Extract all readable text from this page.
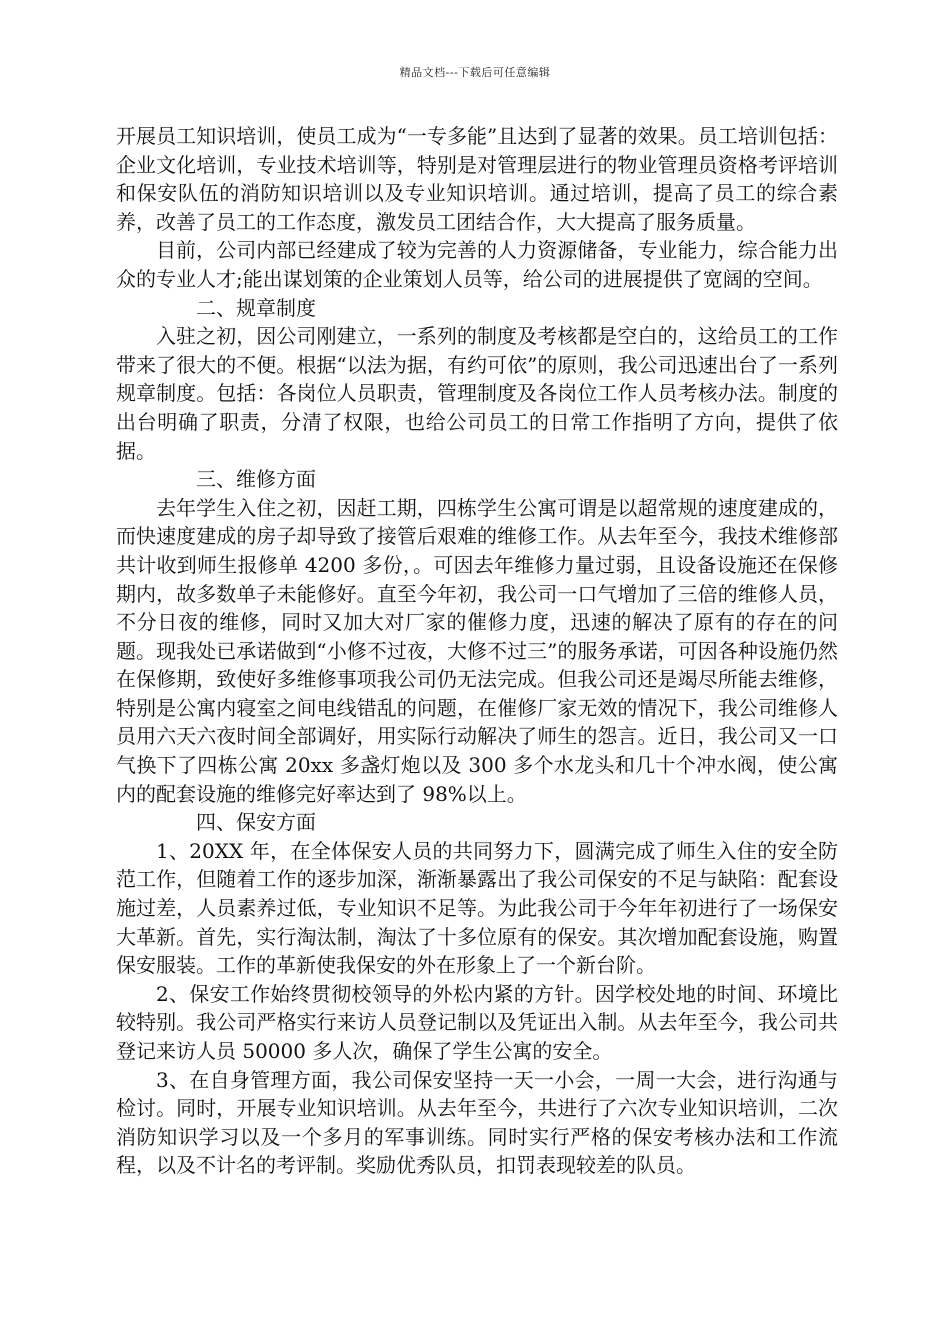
精品文档---下载后可任意编辑

开展员工知识培训，使员工成为“一专多能”且达到了显著的效果。员工培训包括：企业文化培训，专业技术培训等，特别是对管理层进行的物业管理员资格考评培训和保安队伍的消防知识培训以及专业知识培训。通过培训，提高了员工的综合素养，改善了员工的工作态度，激发员工团结合作，大大提高了服务质量。

目前，公司内部已经建成了较为完善的人力资源储备，专业能力，综合能力出众的专业人才;能出谋划策的企业策划人员等，给公司的进展提供了宽阔的空间。

二、规章制度

入驻之初，因公司刚建立，一系列的制度及考核都是空白的，这给员工的工作带来了很大的不便。根据“以法为据，有约可依”的原则，我公司迅速出台了一系列规章制度。包括：各岗位人员职责，管理制度及各岗位工作人员考核办法。制度的出台明确了职责，分清了权限，也给公司员工的日常工作指明了方向，提供了依据。

三、维修方面

去年学生入住之初，因赶工期，四栋学生公寓可谓是以超常规的速度建成的，而快速度建成的房子却导致了接管后艰难的维修工作。从去年至今，我技术维修部共计收到师生报修单 4200 多份，。可因去年维修力量过弱，且设备设施还在保修期内，故多数单子未能修好。直至今年初，我公司一口气增加了三倍的维修人员，不分日夜的维修，同时又加大对厂家的催修力度，迅速的解决了原有的存在的问题。现我处已承诺做到“小修不过夜，大修不过三”的服务承诺，可因各种设施仍然在保修期，致使好多维修事项我公司仍无法完成。但我公司还是竭尽所能去维修，特别是公寓内寝室之间电线错乱的问题，在催修厂家无效的情况下，我公司维修人员用六天六夜时间全部调好，用实际行动解决了师生的怨言。近日，我公司又一口气换下了四栋公寓 20xx 多盏灯炮以及 300 多个水龙头和几十个冲水阀，使公寓内的配套设施的维修完好率达到了 98%以上。

四、保安方面

1、20XX 年，在全体保安人员的共同努力下，圆满完成了师生入住的安全防范工作，但随着工作的逐步加深，渐渐暴露出了我公司保安的不足与缺陷：配套设施过差，人员素养过低，专业知识不足等。为此我公司于今年年初进行了一场保安大革新。首先，实行淘汰制，淘汰了十多位原有的保安。其次增加配套设施，购置保安服装。工作的革新使我保安的外在形象上了一个新台阶。

2、保安工作始终贯彻校领导的外松内紧的方针。因学校处地的时间、环境比较特别。我公司严格实行来访人员登记制以及凭证出入制。从去年至今，我公司共登记来访人员 50000 多人次，确保了学生公寓的安全。

3、在自身管理方面，我公司保安坚持一天一小会，一周一大会，进行沟通与检讨。同时，开展专业知识培训。从去年至今，共进行了六次专业知识培训，二次消防知识学习以及一个多月的军事训练。同时实行严格的保安考核办法和工作流程，以及不计名的考评制。奖励优秀队员，扣罚表现较差的队员。
